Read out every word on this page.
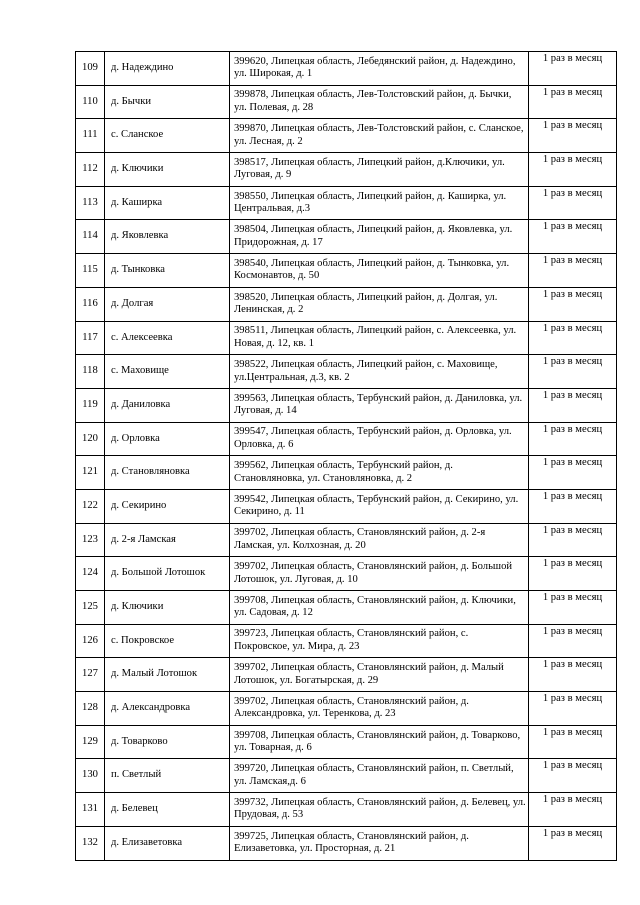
109	д. Надеждино	399620, Липецкая область, Лебедянский район, д. Надеждино, ул. Широкая, д. 1	1 раз в месяц
110	д. Бычки	399878, Липецкая область, Лев-Толстовский район, д. Бычки, ул. Полевая, д. 28	1 раз в месяц
111	с. Сланское	399870, Липецкая область, Лев-Толстовский район, с. Сланское, ул. Лесная, д. 2	1 раз в месяц
112	д. Ключики	398517, Липецкая область, Липецкий район, д.Ключики, ул. Луговая, д. 9	1 раз в месяц
113	д. Каширка	398550, Липецкая область, Липецкий район, д. Каширка, ул. Центральвая, д.3	1 раз в месяц
114	д. Яковлевка	398504, Липецкая область, Липецкий район, д. Яковлевка, ул. Придорожная, д. 17	1 раз в месяц
115	д. Тынковка	398540, Липецкая область, Липецкий район, д. Тынковка, ул. Космонавтов, д. 50	1 раз в месяц
116	д. Долгая	398520, Липецкая область, Липецкий район, д. Долгая, ул. Ленинская, д. 2	1 раз в месяц
117	с. Алексеевка	398511, Липецкая область, Липецкий район, с. Алексеевка, ул. Новая, д. 12, кв. 1	1 раз в месяц
118	с. Маховище	398522, Липецкая область, Липецкий район, с. Маховище, ул.Центральная, д.3, кв. 2	1 раз в месяц
119	д. Даниловка	399563, Липецкая область, Тербунский район, д. Даниловка, ул. Луговая, д. 14	1 раз в месяц
120	д. Орловка	399547, Липецкая область, Тербунский район, д. Орловка, ул. Орловка, д. 6	1 раз в месяц
121	д. Становляновка	399562, Липецкая область, Тербунский район, д. Становляновка, ул. Становляновка, д. 2	1 раз в месяц
122	д. Секирино	399542, Липецкая область, Тербунский район, д. Секирино, ул. Секирино, д. 11	1 раз в месяц
123	д. 2-я Ламская	399702, Липецкая область, Становлянский район, д. 2-я Ламская, ул. Колхозная, д. 20	1 раз в месяц
124	д. Большой Лотошок	399702, Липецкая область, Становлянский район, д. Большой Лотошок, ул. Луговая, д. 10	1 раз в месяц
125	д. Ключики	399708, Липецкая область, Становлянский район, д. Ключики, ул. Садовая, д. 12	1 раз в месяц
126	с. Покровское	399723, Липецкая область, Становлянский район, с. Покровское, ул. Мира, д. 23	1 раз в месяц
127	д. Малый Лотошок	399702, Липецкая область, Становлянский район, д. Малый Лотошок, ул. Богатырская, д. 29	1 раз в месяц
128	д. Александровка	399702, Липецкая область, Становлянский район, д. Александровка, ул. Теренкова, д. 23	1 раз в месяц
129	д. Товарково	399708, Липецкая область, Становлянский район, д. Товарково, ул. Товарная, д. 6	1 раз в месяц
130	п. Светлый	399720, Липецкая область, Становлянский район, п. Светлый, ул. Ламская,д. 6	1 раз в месяц
131	д. Белевец	399732, Липецкая область, Становлянский район, д. Белевец, ул. Прудовая, д. 53	1 раз в месяц
132	д. Елизаветовка	399725, Липецкая область, Становлянский район, д. Елизаветовка, ул. Просторная, д. 21	1 раз в месяц
